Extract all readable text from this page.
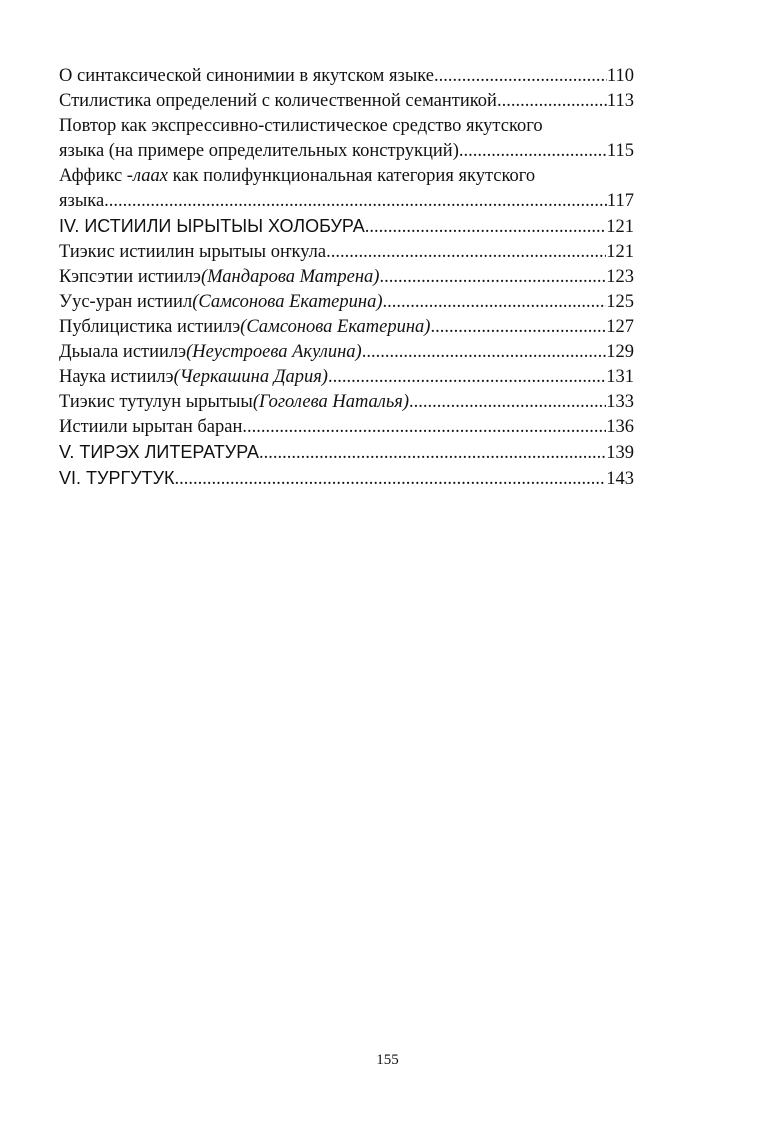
О синтаксической синонимии в якутском языке .....	110
Стилистика определений с количественной семантикой .....	113
Повтор как экспрессивно-стилистическое средство якутского
языка (на примере определительных конструкций) .....	115
Аффикс -лаах как полифункциональная категория якутского
языка .....	117
IV. ИСТИИЛИ ЫРЫТЫЫ ХОЛОБУРА .....	121
Тиэкис истиилин ырытыы оҥкула .....	121
Кэпсэтии истиилэ (Мандарова Матрена) .....	123
Уус-уран истиил (Самсонова Екатерина) .....	125
Публицистика истиилэ (Самсонова Екатерина) .....	127
Дьыала истиилэ (Неустроева Акулина) .....	129
Наука истиилэ (Черкашина Дария) .....	131
Тиэкис тутулун ырытыы (Гоголева Наталья) .....	133
Истиили ырытан баран .....	136
V. ТИРЭХ ЛИТЕРАТУРА .....	139
VI. ТУРГУТУК .....	143
155
